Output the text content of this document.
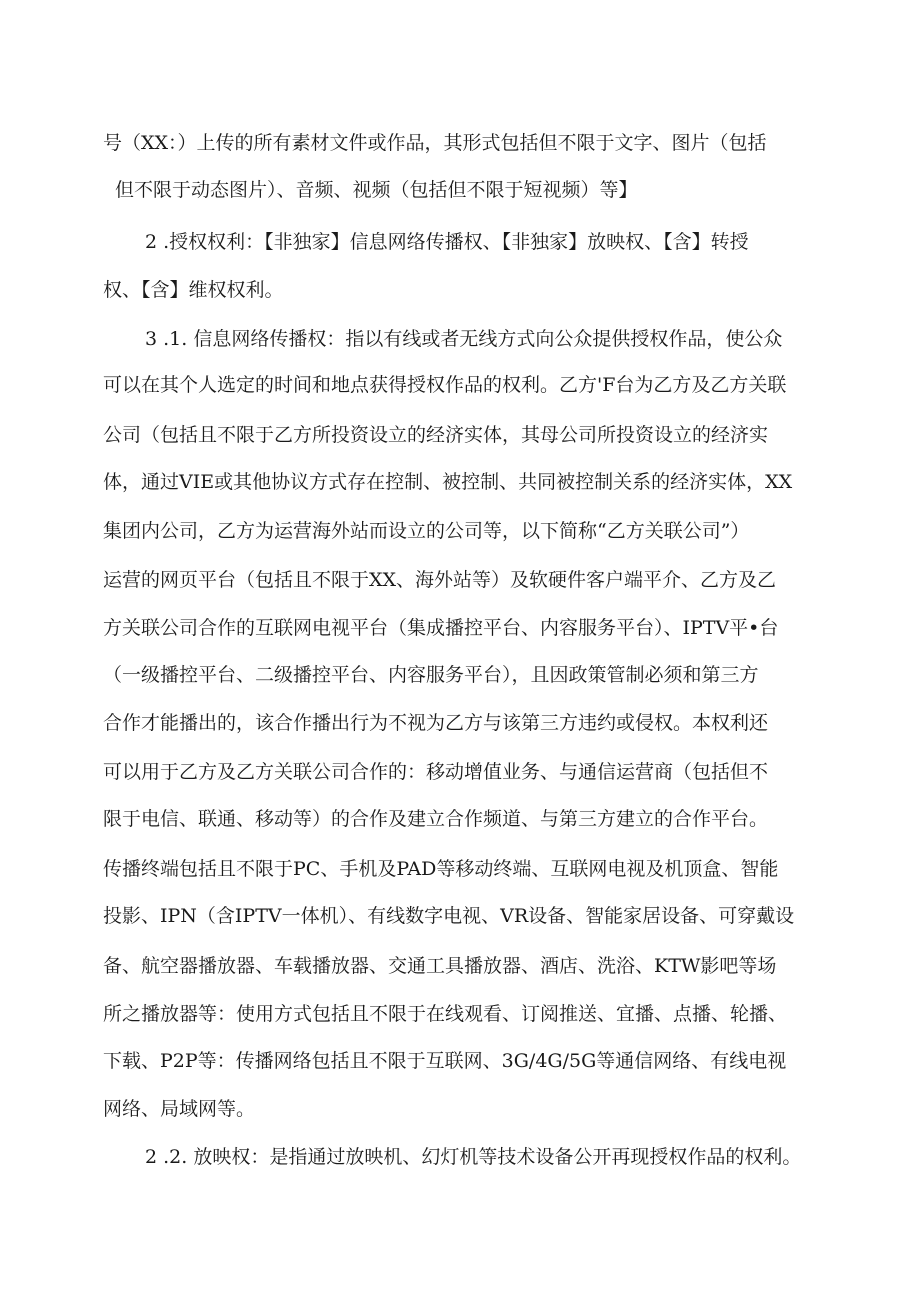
号（XX：）上传的所有素材文件或作品，其形式包括但不限于文字、图片（包括
但不限于动态图片）、音频、视频（包括但不限于短视频）等】
2 .授权权利：【非独家】信息网络传播权、【非独家】放映权、【含】转授
权、【含】维权权利。
3 .1. 信息网络传播权：指以有线或者无线方式向公众提供授权作品，使公众
可以在其个人选定的时间和地点获得授权作品的权利。乙方'F台为乙方及乙方关联
公司（包括且不限于乙方所投资设立的经济实体，其母公司所投资设立的经济实
体，通过VIE或其他协议方式存在控制、被控制、共同被控制关系的经济实体，XX
集团内公司，乙方为运营海外站而设立的公司等，以下简称“乙方关联公司”）
运营的网页平台（包括且不限于XX、海外站等）及软硬件客户端平介、乙方及乙
方关联公司合作的互联网电视平台（集成播控平台、内容服务平台）、IPTV平•台
（一级播控平台、二级播控平台、内容服务平台），且因政策管制必须和第三方
合作才能播出的，该合作播出行为不视为乙方与该第三方违约或侵权。本权利还
可以用于乙方及乙方关联公司合作的：移动增值业务、与通信运营商（包括但不
限于电信、联通、移动等）的合作及建立合作频道、与第三方建立的合作平台。
传播终端包括且不限于PC、手机及PAD等移动终端、互联网电视及机顶盒、智能
投影、IPN（含IPTV一体机）、有线数字电视、VR设备、智能家居设备、可穿戴设
备、航空器播放器、车载播放器、交通工具播放器、酒店、洗浴、KTW影吧等场
所之播放器等：使用方式包括且不限于在线观看、订阅推送、宜播、点播、轮播、
下载、P2P等：传播网络包括且不限于互联网、3G/4G/5G等通信网络、有线电视
网络、局域网等。
2 .2. 放映权：是指通过放映机、幻灯机等技术设备公开再现授权作品的权利。
